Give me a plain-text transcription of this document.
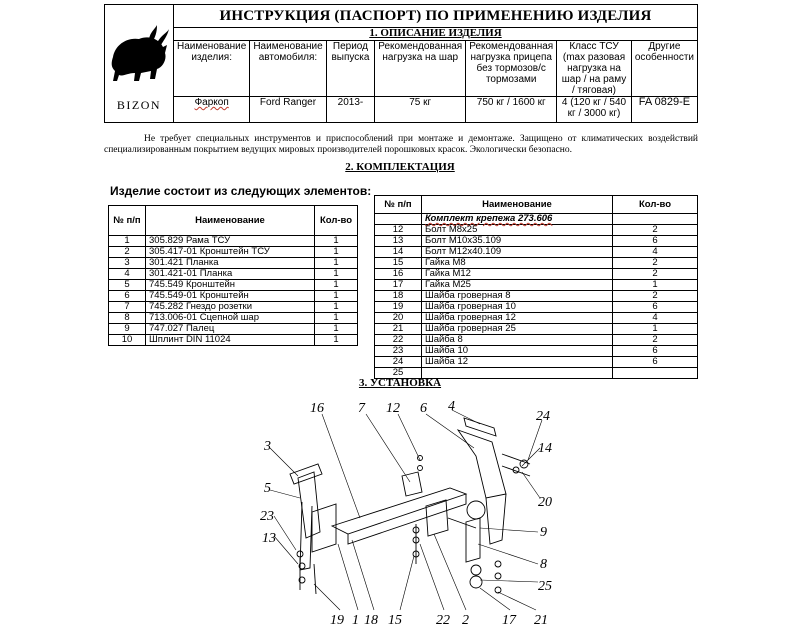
BIZON	ИНСТРУКЦИЯ (ПАСПОРТ) ПО ПРИМЕНЕНИЮ ИЗДЕЛИЯ						
	1. ОПИСАНИЕ ИЗДЕЛИЯ						
	Наименование изделия:	Наименование автомобиля:	Период выпуска	Рекомендованная нагрузка на шар	Рекомендованная нагрузка прицепа без тормозов/с тормозами	Класс ТСУ (max разовая нагрузка на шар / на раму / тяговая)	Другие особенности
	Фаркоп	Ford Ranger	2013-	75 кг	750 кг / 1600 кг	4 (120 кг / 540 кг / 3000 кг)	FA 0829-E
Не требует специальных инструментов и приспособлений при монтаже и демонтаже. Защищено от климатических воздействий специализированным покрытием ведущих мировых производителей порошковых красок. Экологически безопасно.
2. КОМПЛЕКТАЦИЯ
Изделие состоит из следующих элементов:
№ п/п	Наименование	Кол-во
1	305.829 Рама ТСУ	1
2	305.417-01 Кронштейн ТСУ	1
3	301.421 Планка	1
4	301.421-01 Планка	1
5	745.549 Кронштейн	1
6	745.549-01 Кронштейн	1
7	745.282 Гнездо розетки	1
8	713.006-01 Сцепной шар	1
9	747.027 Палец	1
10	Шплинт DIN 11024	1
№ п/п	Наименование	Кол-во
	Комплект крепежа 273.606	
12	Болт M8x25	2
13	Болт M10x35.109	6
14	Болт M12x40.109	4
15	Гайка M8	2
16	Гайка M12	2
17	Гайка M25	1
18	Шайба гроверная 8	2
19	Шайба гроверная 10	6
20	Шайба гроверная 12	4
21	Шайба гроверная 25	1
22	Шайба 8	2
23	Шайба 10	6
24	Шайба 12	6
25		
3. УСТАНОВКА
16 7 12 6 4
24
14
20
3
5
23
13	9
8
25
19 1 18 15 22 2 17 21
